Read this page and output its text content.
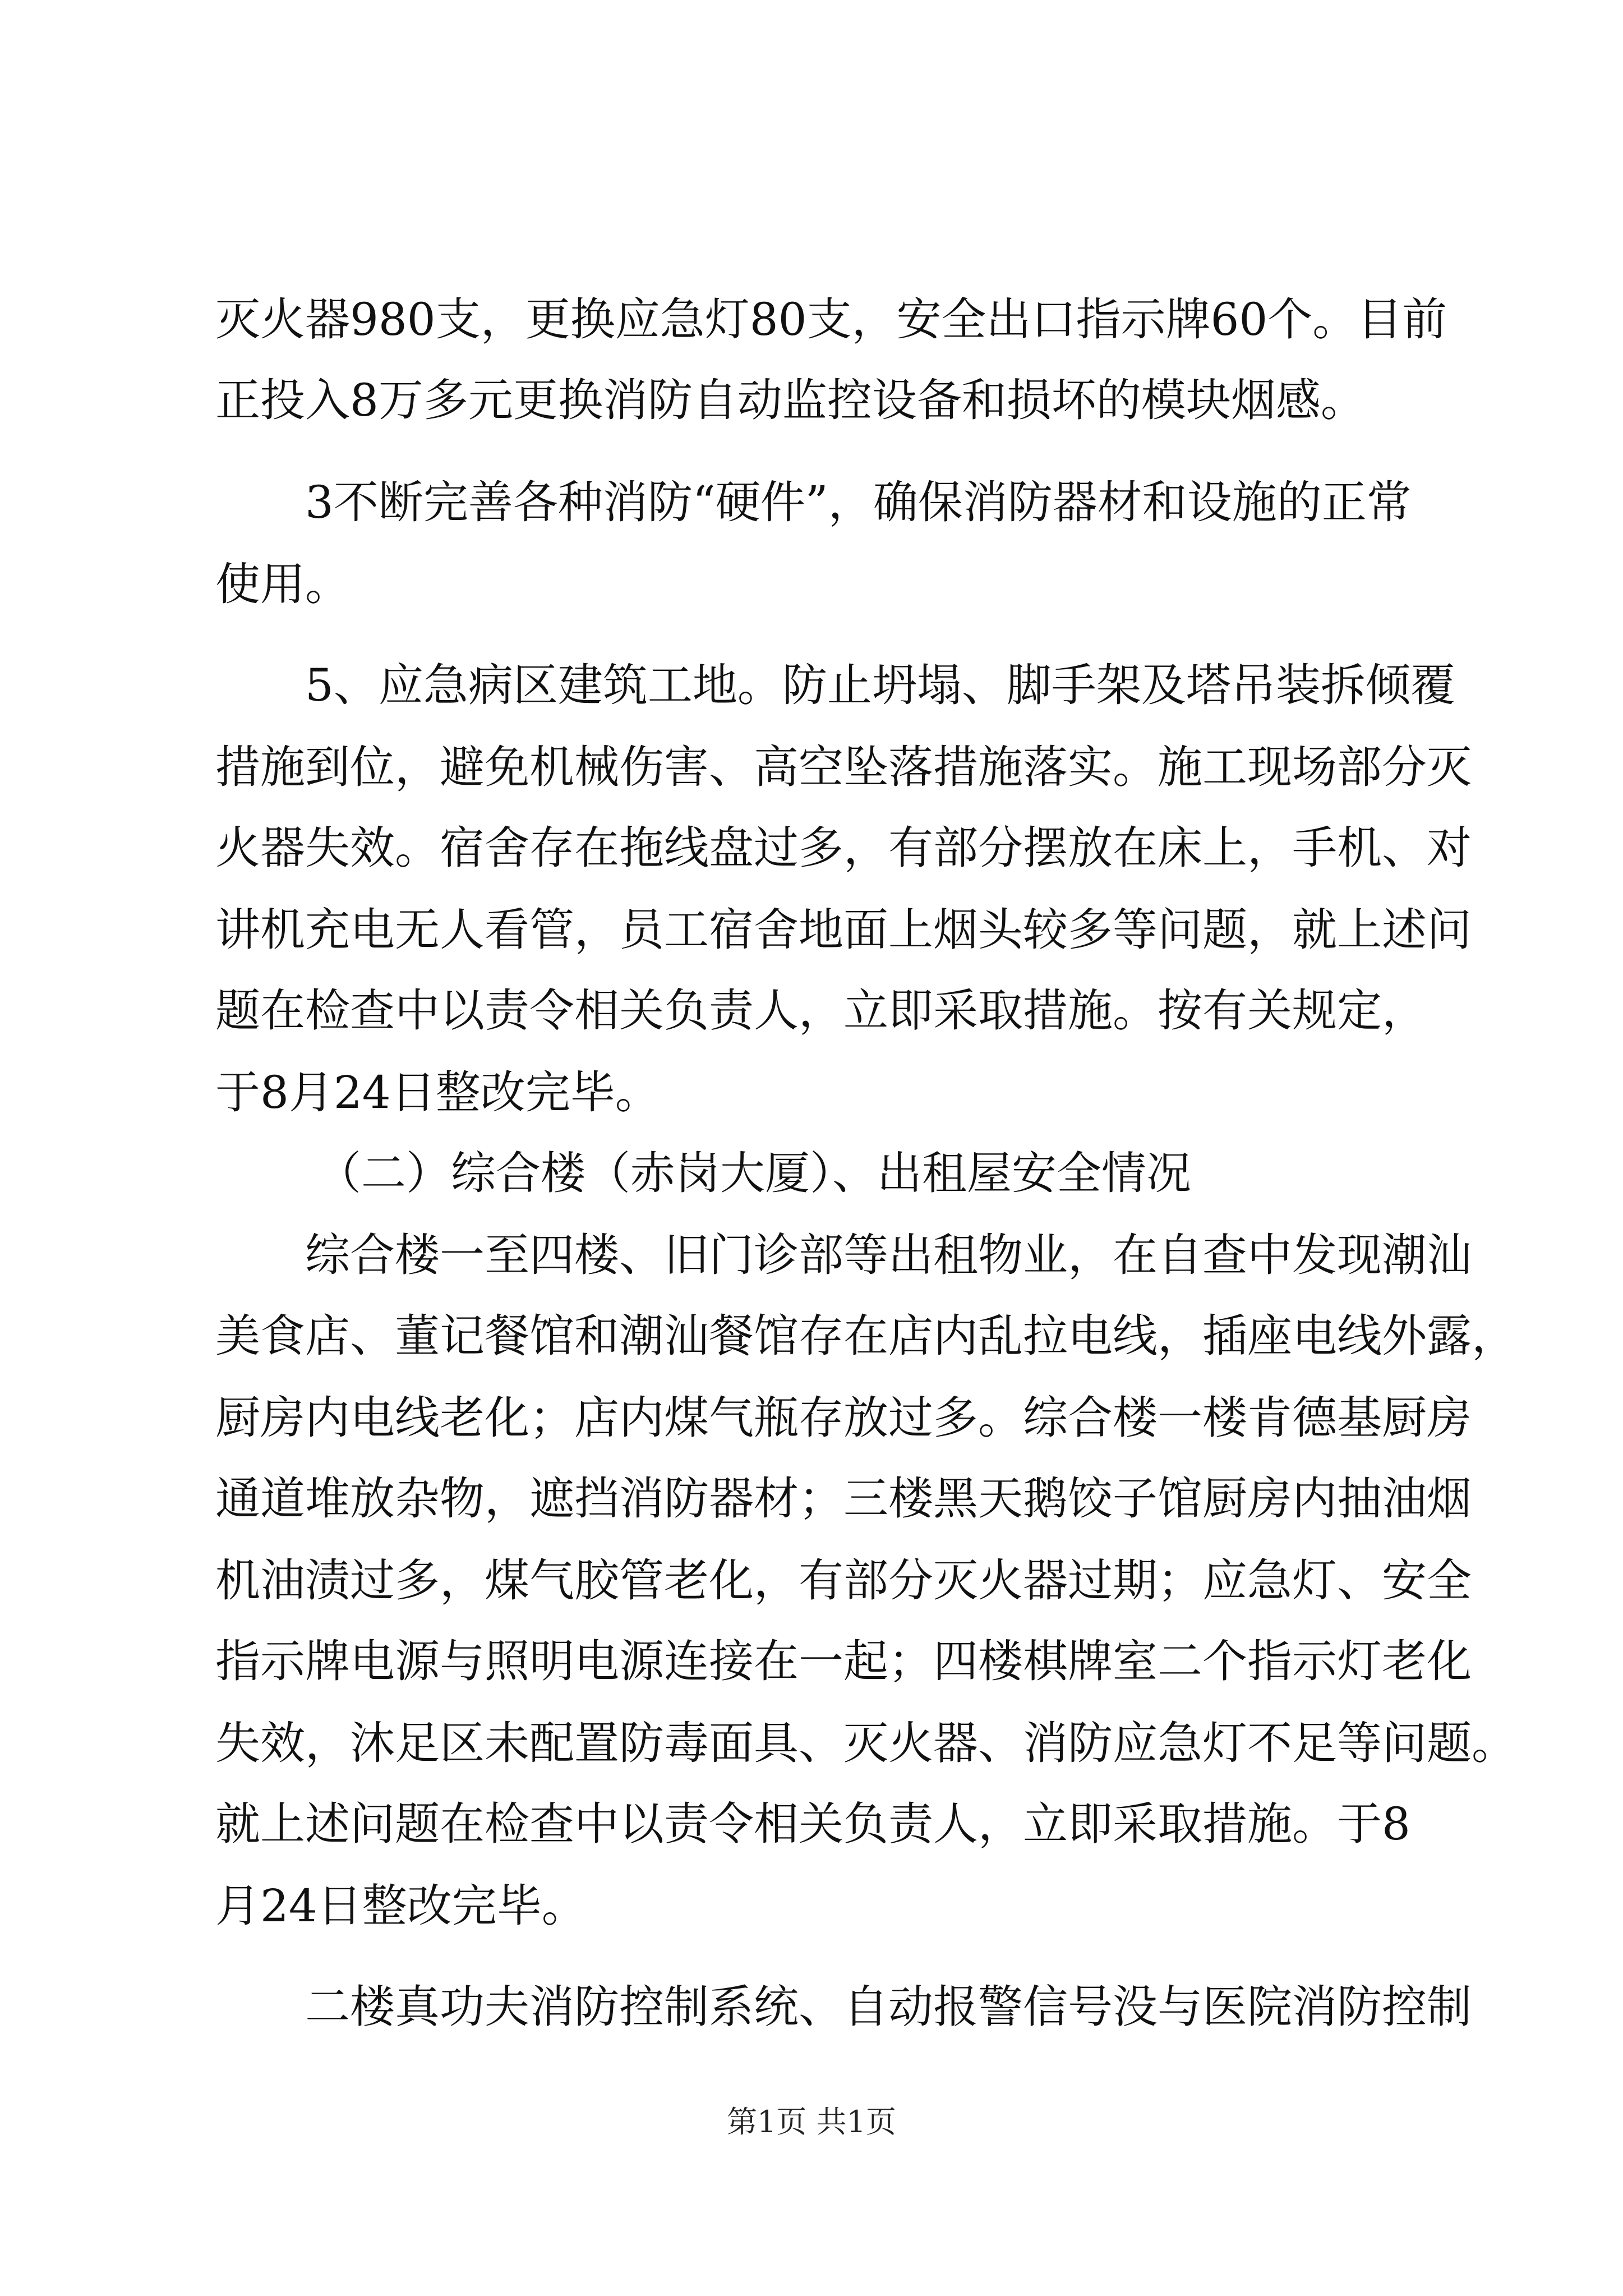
灭火器980支，更换应急灯80支，安全出口指示牌60个。目前
正投入8万多元更换消防自动监控设备和损坏的模块烟感。
3不断完善各种消防“硬件”，确保消防器材和设施的正常
使用。
5、应急病区建筑工地。防止坍塌、脚手架及塔吊装拆倾覆
措施到位，避免机械伤害、高空坠落措施落实。施工现场部分灭
火器失效。宿舍存在拖线盘过多，有部分摆放在床上，手机、对
讲机充电无人看管，员工宿舍地面上烟头较多等问题，就上述问
题在检查中以责令相关负责人，立即采取措施。按有关规定，
于8月24日整改完毕。
（二）综合楼（赤岗大厦）、出租屋安全情况
综合楼一至四楼、旧门诊部等出租物业，在自查中发现潮汕
美食店、董记餐馆和潮汕餐馆存在店内乱拉电线，插座电线外露，
厨房内电线老化；店内煤气瓶存放过多。综合楼一楼肯德基厨房
通道堆放杂物，遮挡消防器材；三楼黑天鹅饺子馆厨房内抽油烟
机油渍过多，煤气胶管老化，有部分灭火器过期；应急灯、安全
指示牌电源与照明电源连接在一起；四楼棋牌室二个指示灯老化
失效，沐足区未配置防毒面具、灭火器、消防应急灯不足等问题。
就上述问题在检查中以责令相关负责人，立即采取措施。于8
月24日整改完毕。
二楼真功夫消防控制系统、自动报警信号没与医院消防控制
第1页 共1页
